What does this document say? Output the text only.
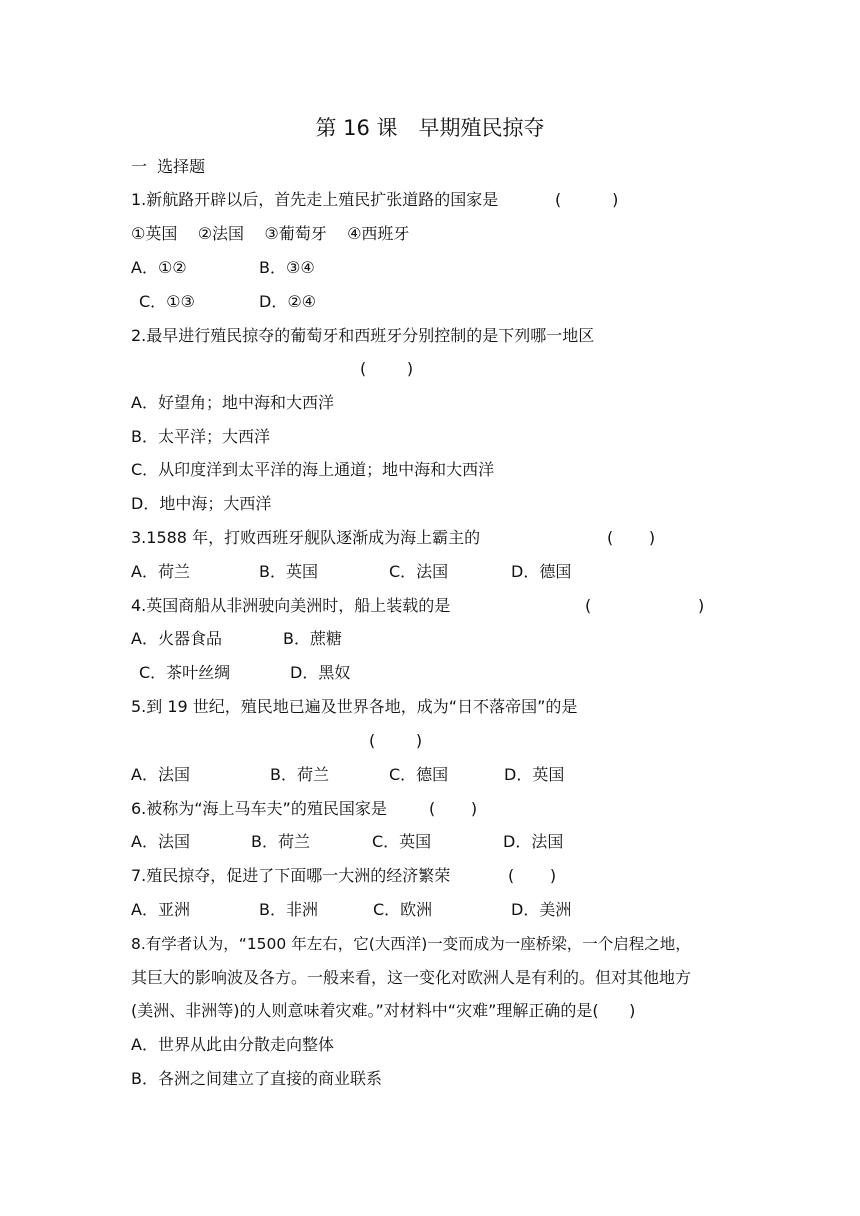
第 16 课　早期殖民掠夺
一  选择题
1.新航路开辟以后，首先走上殖民扩张道路的国家是	(          )
①英国    ②法国    ③葡萄牙    ④西班牙
A．①②	B．③④
C．①③	D．②④
2.最早进行殖民掠夺的葡萄牙和西班牙分别控制的是下列哪一地区
(        )
A．好望角；地中海和大西洋
B．太平洋；大西洋
C．从印度洋到太平洋的海上通道；地中海和大西洋
D．地中海；大西洋
3.1588 年，打败西班牙舰队逐渐成为海上霸主的	(       )
A．荷兰	B．英国	C．法国	D．德国
4.英国商船从非洲驶向美洲时，船上装载的是	(                     )
A．火器食品	B．蔗糖
C．茶叶丝绸	D．黑奴
5.到 19 世纪，殖民地已遍及世界各地，成为“日不落帝国”的是
(        )
A．法国	B．荷兰	C．德国	D．英国
6.被称为“海上马车夫”的殖民国家是	(       )
A．法国	B．荷兰	C．英国	D．法国
7.殖民掠夺，促进了下面哪一大洲的经济繁荣	(       )
A．亚洲	B．非洲	C．欧洲	D．美洲
8.有学者认为，“1500 年左右，它(大西洋)一变而成为一座桥梁，一个启程之地，
其巨大的影响波及各方。一般来看，这一变化对欧洲人是有利的。但对其他地方
(美洲、非洲等)的人则意味着灾难。”对材料中“灾难”理解正确的是(      )
A．世界从此由分散走向整体
B．各洲之间建立了直接的商业联系
